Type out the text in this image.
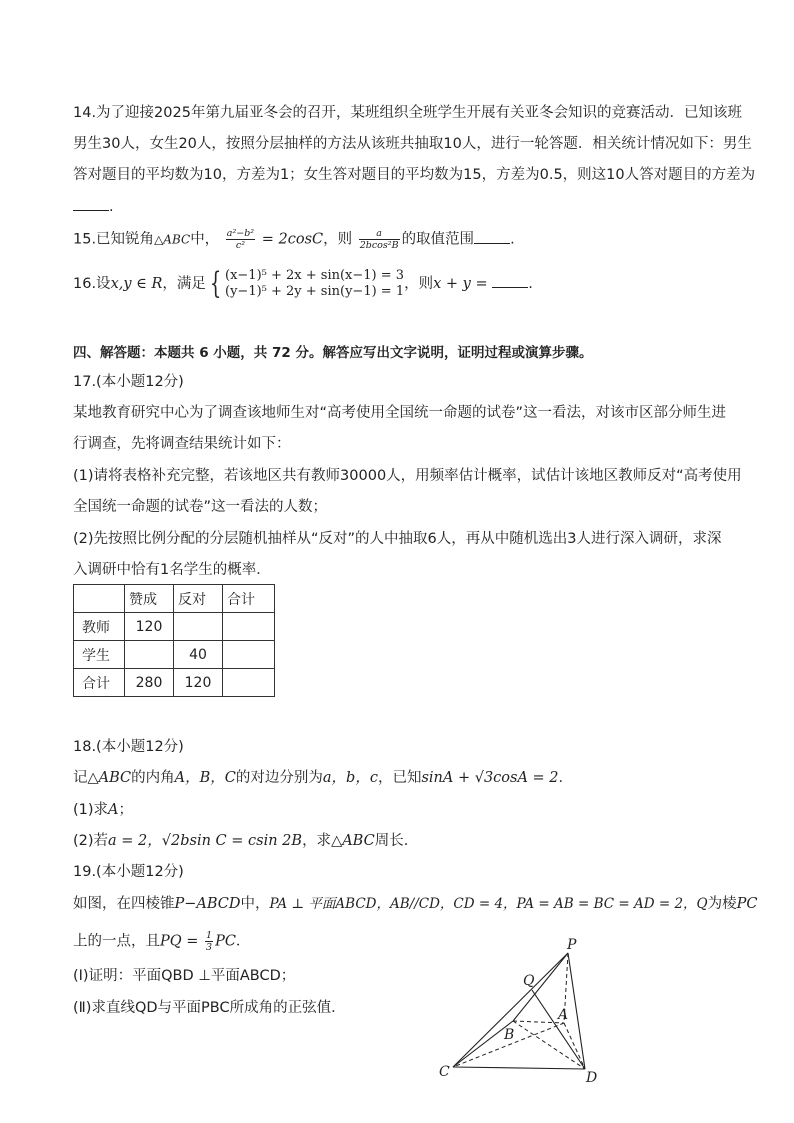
14.为了迎接2025年第九届亚冬会的召开，某班组织全班学生开展有关亚冬会知识的竞赛活动．已知该班
男生30人，女生20人，按照分层抽样的方法从该班共抽取10人，进行一轮答题．相关统计情况如下：男生
答对题目的平均数为10，方差为1；女生答对题目的平均数为15，方差为0.5，则这10人答对题目的方差为
.
15.已知锐角△ABC中， $\frac{\text{a²−b²}}{\text{c²}} = 2\cos C$，则 $\frac{a}{\text{2bcos²B}}$ 的取值范围 .
16.设x,y ∈ R，满足 { (x−1)⁵ + 2x + sin(x−1) = 3
(y−1)⁵ + 2y + sin(y−1) = 1 ，则x + y =	.
四、解答题：本题共 6 小题，共 72 分。解答应写出文字说明，证明过程或演算步骤。
17.(本小题12分)
某地教育研究中心为了调查该地师生对“高考使用全国统一命题的试卷”这一看法，对该市区部分师生进
行调查，先将调查结果统计如下：
(1)请将表格补充完整，若该地区共有教师30000人，用频率估计概率，试估计该地区教师反对“高考使用
全国统一命题的试卷”这一看法的人数；
(2)先按照比例分配的分层随机抽样从“反对”的人中抽取6人，再从中随机选出3人进行深入调研，求深
入调研中恰有1名学生的概率．
	赞成	反对	合计
教师	120		
学生		40	
合计	280	120	
18.(本小题12分)
记△ABC的内角A，B，C的对边分别为a，b，c，已知sinA + √3cosA = 2．
(1)求A；
(2)若a = 2，√2bsin C = csin 2B，求△ABC周长．
19.(本小题12分)
如图，在四棱锥P−ABCD中，PA ⊥ 平面ABCD，AB//CD，CD = 4，PA = AB = BC = AD = 2，Q为棱PC
上的一点，且PQ = $\frac{1}{3}$ PC．
(Ⅰ)证明：平面QBD ⊥平面ABCD；
(Ⅱ)求直线QD与平面PBC所成角的正弦值．
P
Q
A
B
C	D
